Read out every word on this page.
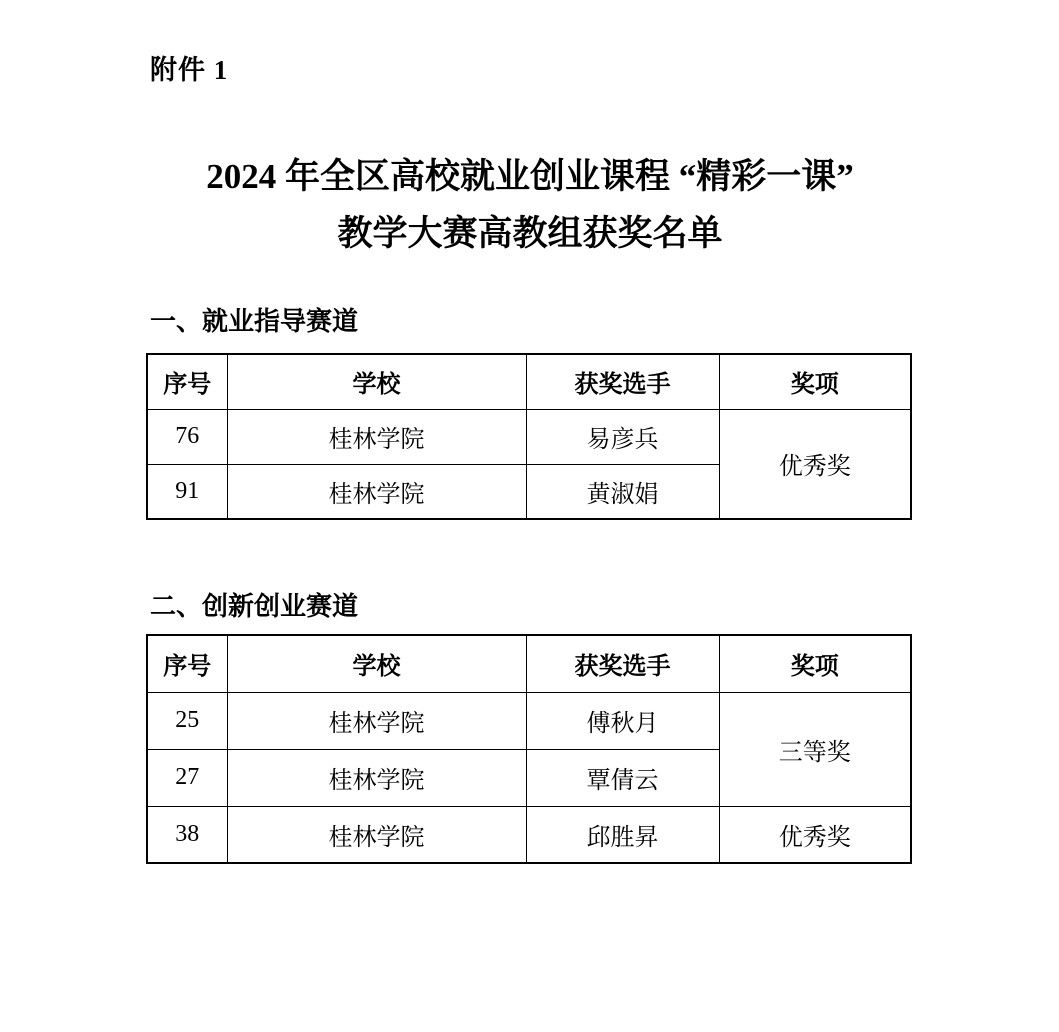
附件 1
2024 年全区高校就业创业课程 “精彩一课”
教学大赛高教组获奖名单
一、就业指导赛道
序号	学校	获奖选手	奖项
76	桂林学院	易彦兵	优秀奖
91	桂林学院	黄淑娟	
二、创新创业赛道
序号	学校	获奖选手	奖项
25	桂林学院	傅秋月	三等奖
27	桂林学院	覃倩云	
38	桂林学院	邱胜昇	优秀奖
